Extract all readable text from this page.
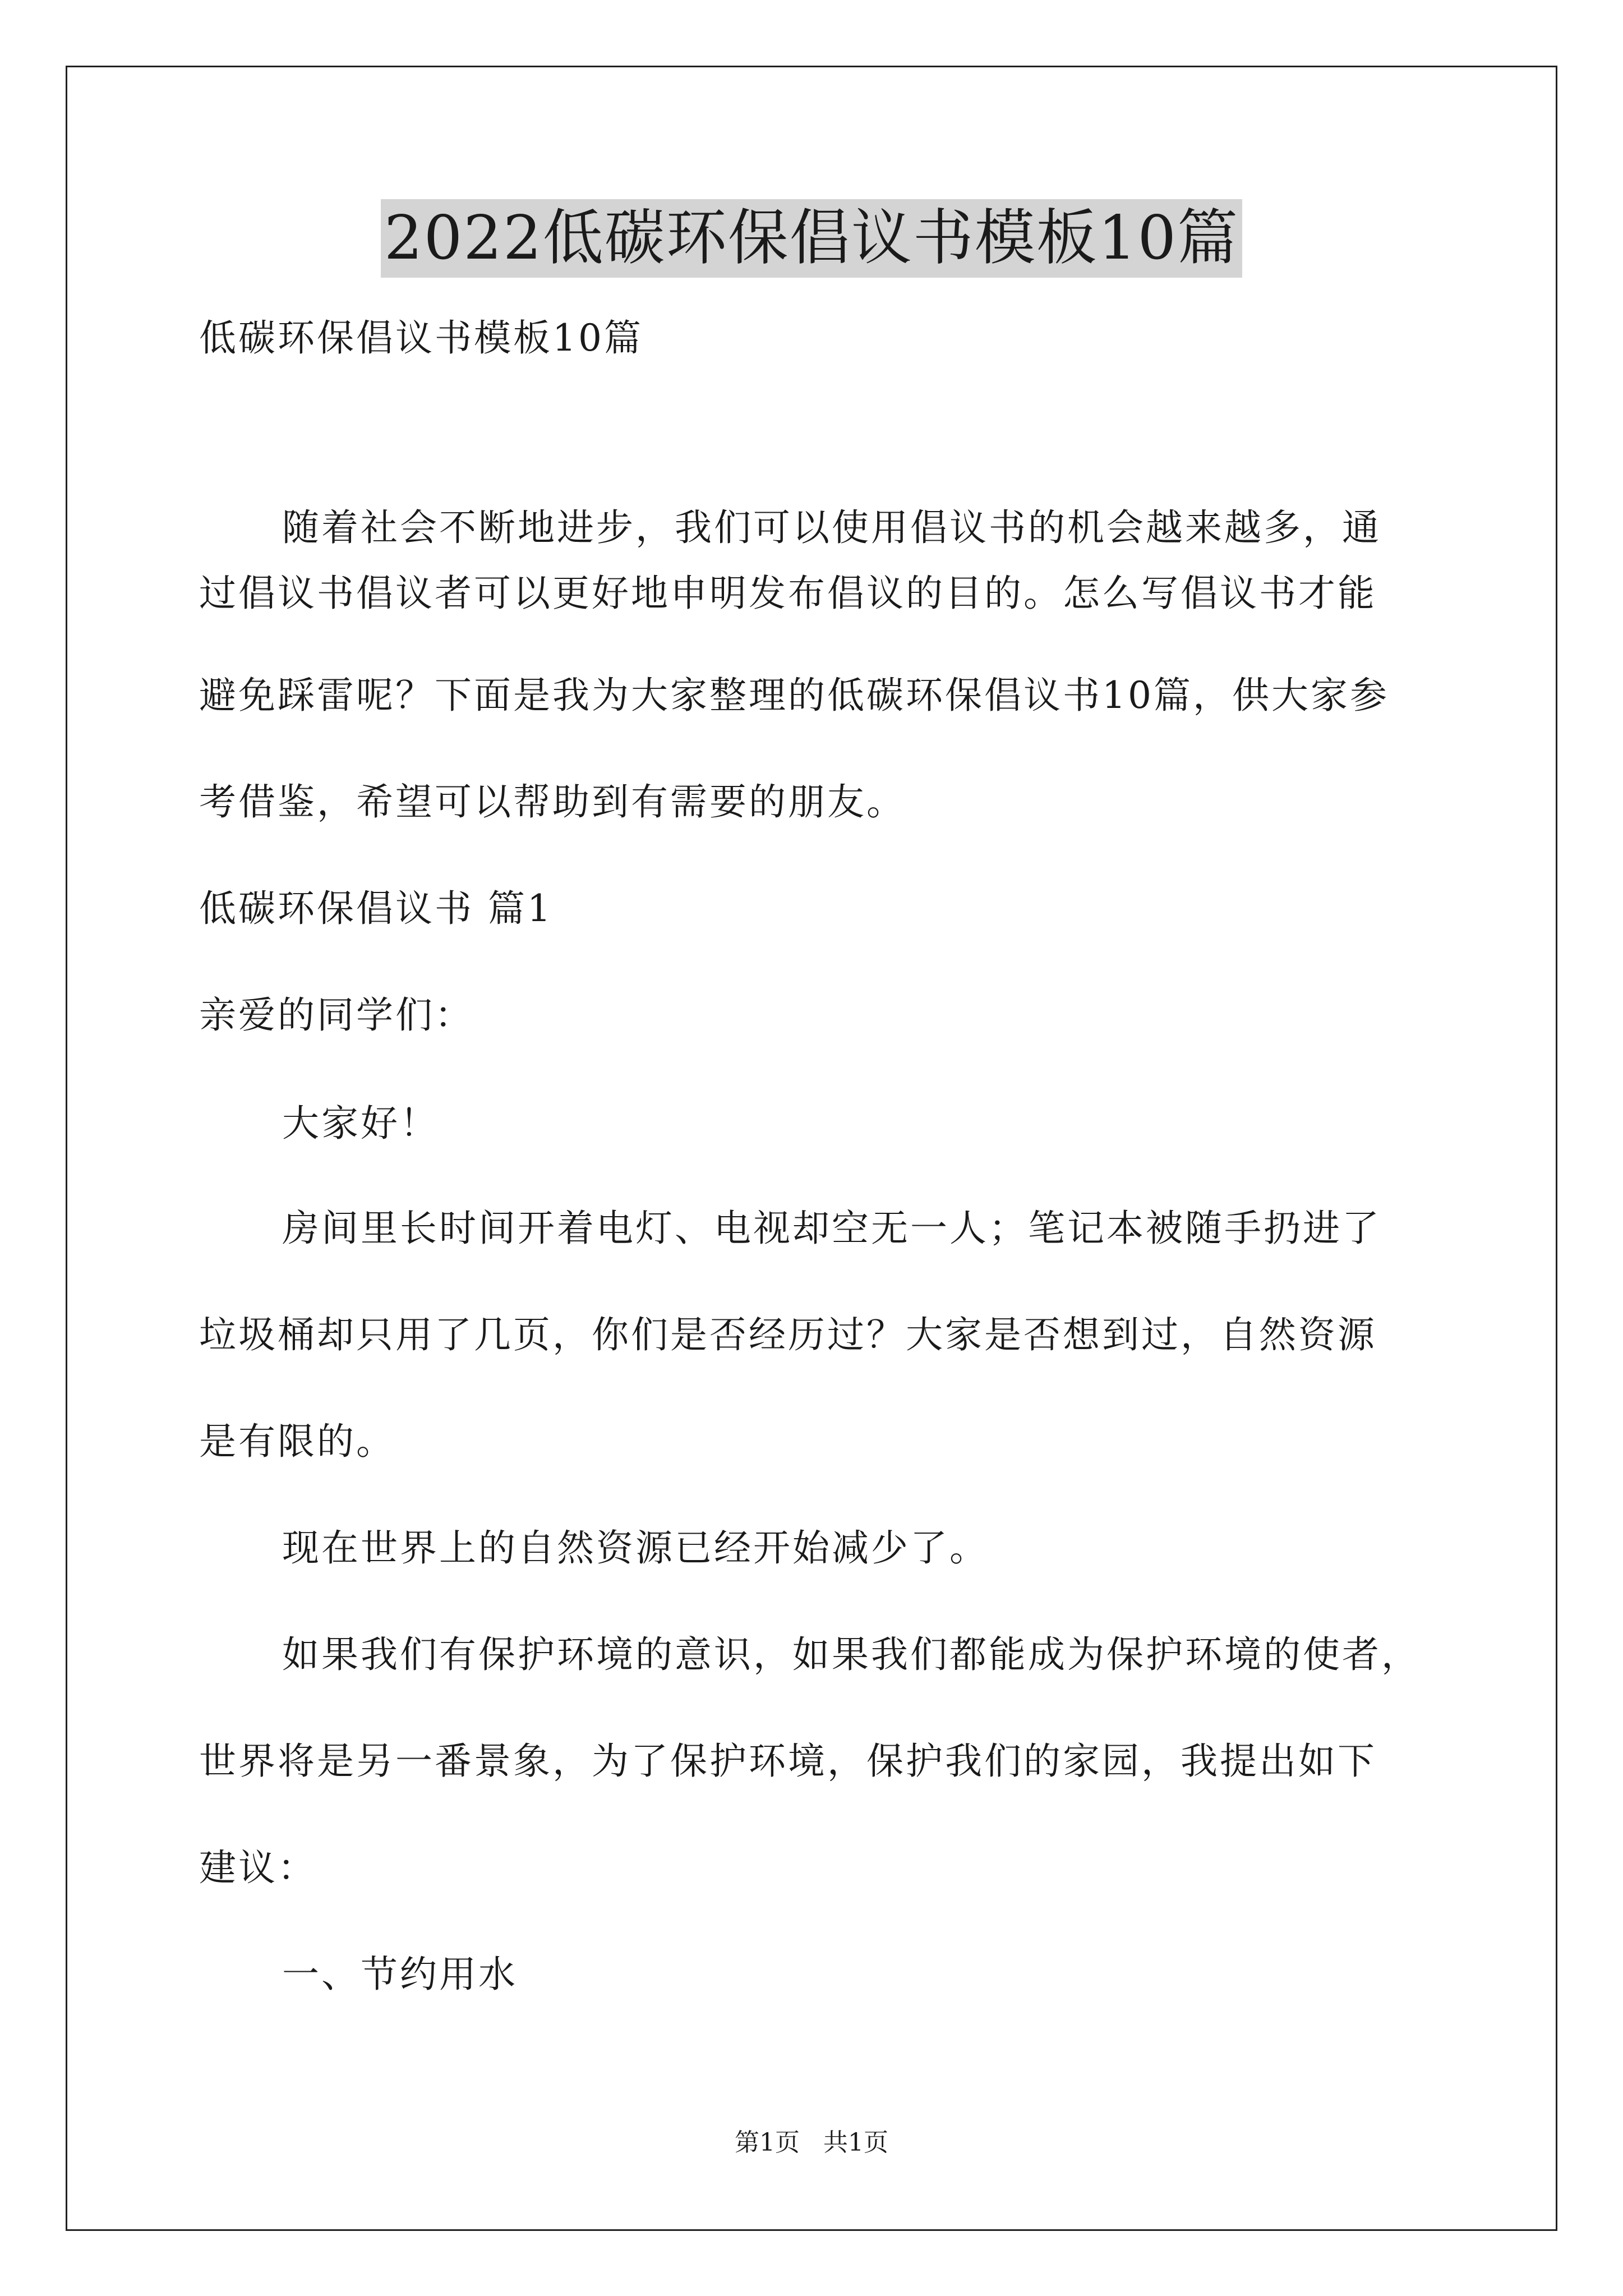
2022低碳环保倡议书模板10篇
低碳环保倡议书模板10篇
随着社会不断地进步，我们可以使用倡议书的机会越来越多，通
过倡议书倡议者可以更好地申明发布倡议的目的。怎么写倡议书才能
避免踩雷呢？下面是我为大家整理的低碳环保倡议书10篇，供大家参
考借鉴，希望可以帮助到有需要的朋友。
低碳环保倡议书 篇1
亲爱的同学们：
大家好！
房间里长时间开着电灯、电视却空无一人；笔记本被随手扔进了
垃圾桶却只用了几页，你们是否经历过？大家是否想到过，自然资源
是有限的。
现在世界上的自然资源已经开始减少了。
如果我们有保护环境的意识，如果我们都能成为保护环境的使者，
世界将是另一番景象，为了保护环境，保护我们的家园，我提出如下
建议：
一、节约用水
第1页 共1页
